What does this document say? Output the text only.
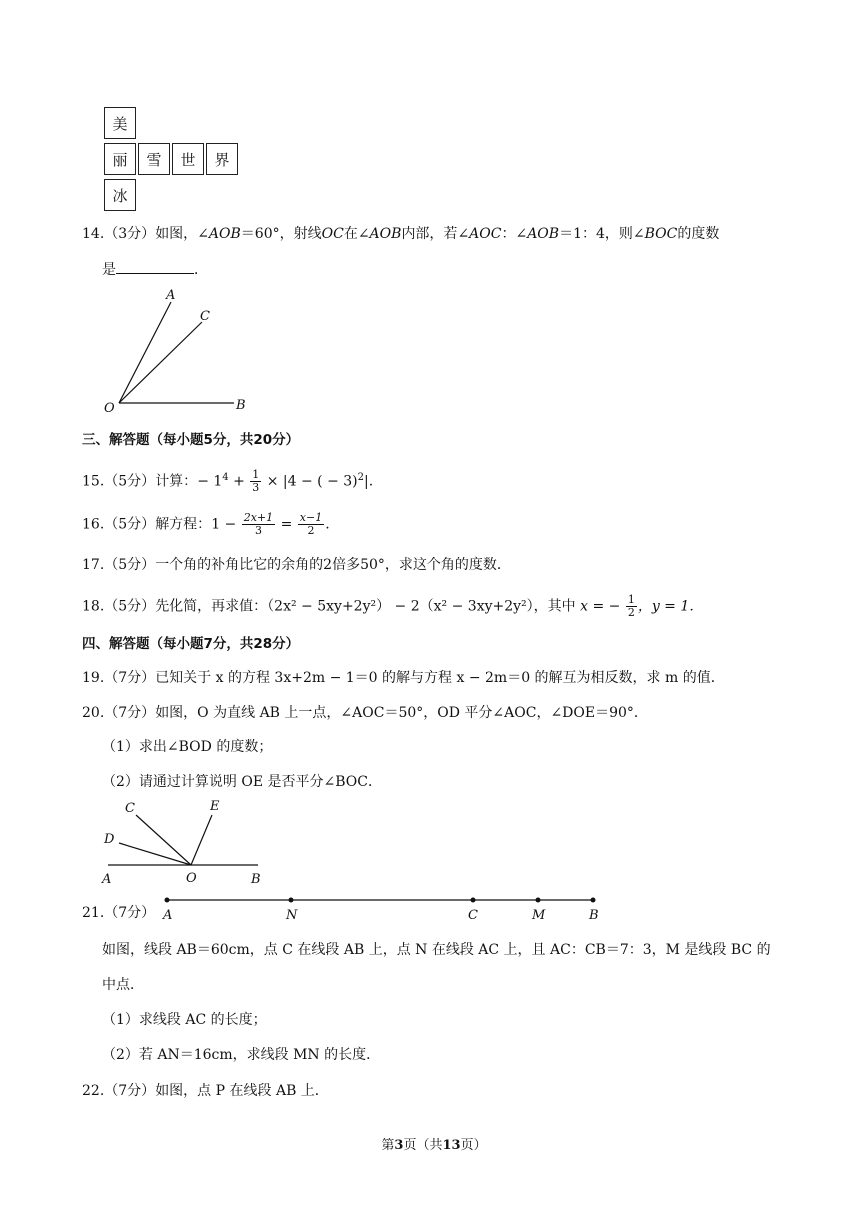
美
丽	雪	世	界
冰
14.（3分）如图，∠AOB＝60°，射线OC在∠AOB内部，若∠AOC：∠AOB＝1：4，则∠BOC的度数
是	．
A
C
O	B
三、解答题（每小题5分，共20分）
15.（5分）计算：− $1^4 + \frac{1}{3} \times |4$ − ( − 3)$^2$|.
16.（5分）解方程：$1 - \frac{2x+1}{3} = \frac{x-1}{2}$ .
17.（5分）一个角的补角比它的余角的2倍多50°，求这个角的度数．
18.（5分）先化简，再求值：（2x² − 5xy+2y²） − 2（x² − 3xy+2y²），其中 x = − $\frac{1}{2}$ ，y = 1．
四、解答题（每小题7分，共28分）
19.（7分）已知关于 x 的方程 3x+2m − 1＝0 的解与方程 x − 2m＝0 的解互为相反数，求 m 的值．
20.（7分）如图，O 为直线 AB 上一点，∠AOC＝50°，OD 平分∠AOC，∠DOE＝90°．
（1）求出∠BOD 的度数；
（2）请通过计算说明 OE 是否平分∠BOC．
C	E
D
A	O	B
21.（7分） A	N	C	M	B
如图，线段 AB＝60cm，点 C 在线段 AB 上，点 N 在线段 AC 上，且 AC：CB＝7：3，M 是线段 BC 的
中点．
（1）求线段 AC 的长度；
（2）若 AN＝16cm，求线段 MN 的长度．
22.（7分）如图，点 P 在线段 AB 上．
第3页（共13页）
